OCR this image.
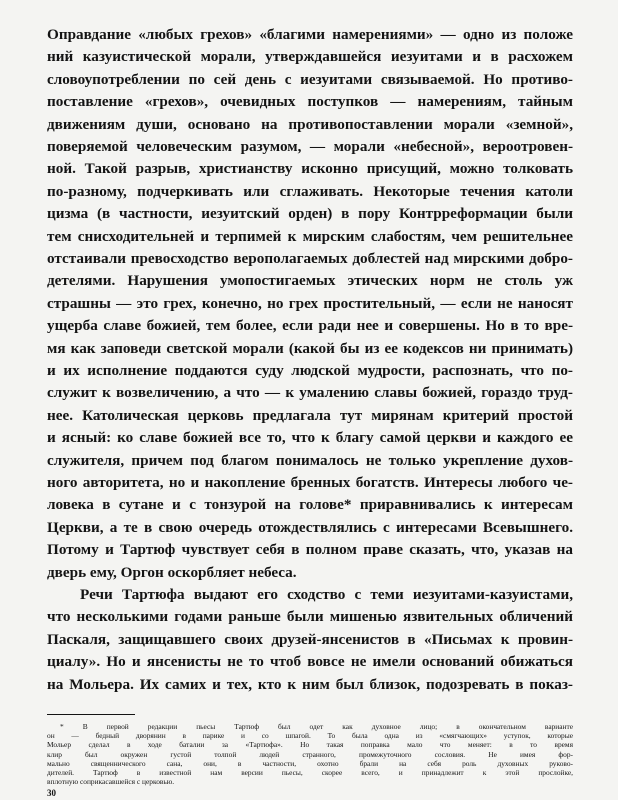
Оправдание «любых грехов» «благими намерениями» — одно из положе
ний казуистической морали, утверждавшейся иезуитами и в расхожем
словоупотреблении по сей день с иезуитами связываемой. Но противо-
поставление «грехов», очевидных поступков — намерениям, тайным
движениям души, основано на противопоставлении морали «земной»,
поверяемой человеческим разумом, — морали «небесной», вероотровен-
ной. Такой разрыв, христианству исконно присущий, можно толковать
по-разному, подчеркивать или сглаживать. Некоторые течения католи
цизма (в частности, иезуитский орден) в пору Контрреформации были
тем снисходительней и терпимей к мирским слабостям, чем решительнее
отстаивали превосходство верополагаемых доблестей над мирскими добро-
детелями. Нарушения умопостигаемых этических норм не столь уж
страшны — это грех, конечно, но грех простительный, — если не наносят
ущерба славе божией, тем более, если ради нее и совершены. Но в то вре-
мя как заповеди светской морали (какой бы из ее кодексов ни принимать)
и их исполнение поддаются суду людской мудрости, распознать, что по-
служит к возвеличению, а что — к умалению славы божией, гораздо труд-
нее. Католическая церковь предлагала тут мирянам критерий простой
и ясный: ко славе божией все то, что к благу самой церкви и каждого ее
служителя, причем под благом понималось не только укрепление духов-
ного авторитета, но и накопление бренных богатств. Интересы любого че-
ловека в сутане и с тонзурой на голове* приравнивались к интересам
Церкви, а те в свою очередь отождествлялись с интересами Всевышнего.
Потому и Тартюф чувствует себя в полном праве сказать, что, указав на
дверь ему, Оргон оскорбляет небеса.
Речи Тартюфа выдают его сходство с теми иезуитами-казуистами,
что несколькими годами раньше были мишенью язвительных обличений
Паскаля, защищавшего своих друзей-янсенистов в «Письмах к провин-
циалу». Но и янсенисты не то чтоб вовсе не имели оснований обижаться
на Мольера. Их самих и тех, кто к ним был близок, подозревать в показ-
* В первой редакции пьесы Тартюф был одет как духовное лицо; в окончательном варианте
он — бедный дворянин в парике и со шпагой. То была одна из «смягчающих» уступок, которые
Мольер сделал в ходе баталии за «Тартюфа». Но такая поправка мало что меняет: в то время
клир был окружен густой толпой людей странного, промежуточного сословия. Не имея фор-
мально священнического сана, они, в частности, охотно брали на себя роль духовных руково-
дителей. Тартюф в известной нам версии пьесы, скорее всего, и принадлежит к этой прослойке,
вплотную соприкасавшейся с церковью.
30
